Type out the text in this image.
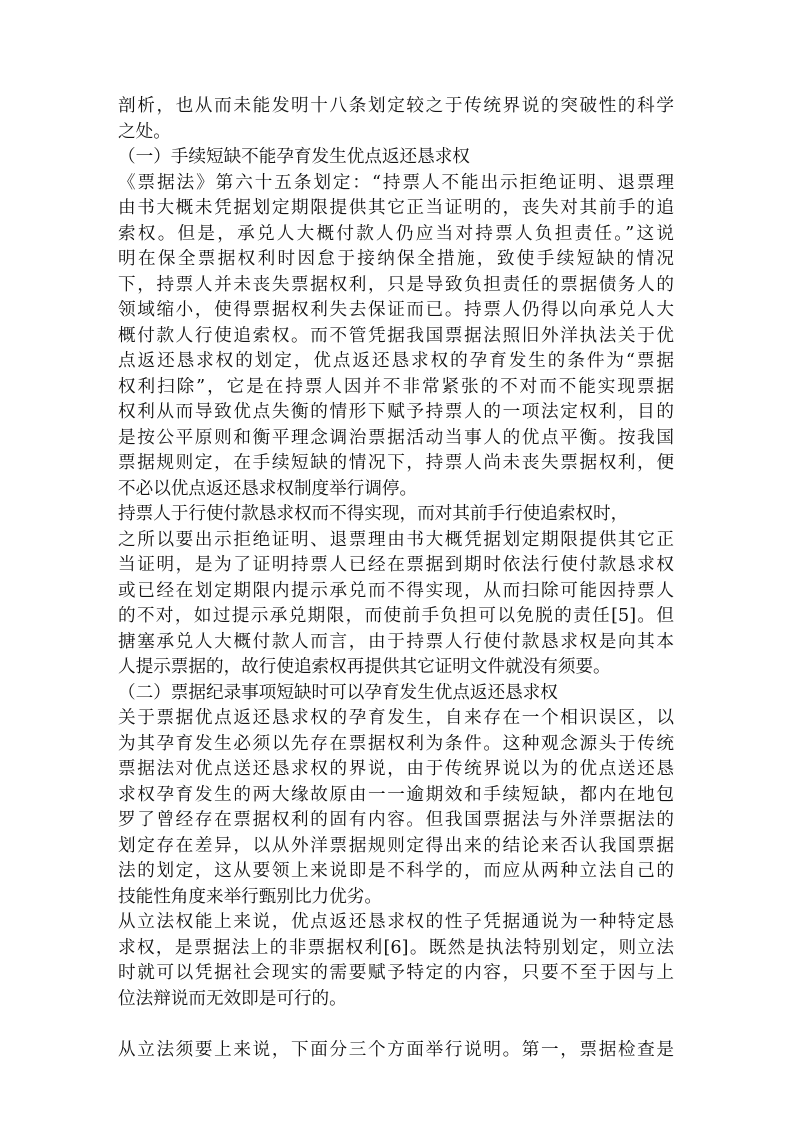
剖析，也从而未能发明十八条划定较之于传统界说的突破性的科学
之处。
（一）手续短缺不能孕育发生优点返还恳求权
《票据法》第六十五条划定：“持票人不能出示拒绝证明、退票理
由书大概未凭据划定期限提供其它正当证明的，丧失对其前手的追
索权。但是，承兑人大概付款人仍应当对持票人负担责任。”这说
明在保全票据权利时因怠于接纳保全措施，致使手续短缺的情况
下，持票人并未丧失票据权利，只是导致负担责任的票据债务人的
领域缩小，使得票据权利失去保证而已。持票人仍得以向承兑人大
概付款人行使追索权。而不管凭据我国票据法照旧外洋执法关于优
点返还恳求权的划定，优点返还恳求权的孕育发生的条件为“票据
权利扫除”，它是在持票人因并不非常紧张的不对而不能实现票据
权利从而导致优点失衡的情形下赋予持票人的一项法定权利，目的
是按公平原则和衡平理念调治票据活动当事人的优点平衡。按我国
票据规则定，在手续短缺的情况下，持票人尚未丧失票据权利，便
不必以优点返还恳求权制度举行调停。
持票人于行使付款恳求权而不得实现，而对其前手行使追索权时，
之所以要出示拒绝证明、退票理由书大概凭据划定期限提供其它正
当证明，是为了证明持票人已经在票据到期时依法行使付款恳求权
或已经在划定期限内提示承兑而不得实现，从而扫除可能因持票人
的不对，如过提示承兑期限，而使前手负担可以免脱的责任[5]。但
搪塞承兑人大概付款人而言，由于持票人行使付款恳求权是向其本
人提示票据的，故行使追索权再提供其它证明文件就没有须要。
（二）票据纪录事项短缺时可以孕育发生优点返还恳求权
关于票据优点返还恳求权的孕育发生，自来存在一个相识误区，以
为其孕育发生必须以先存在票据权利为条件。这种观念源头于传统
票据法对优点送还恳求权的界说，由于传统界说以为的优点送还恳
求权孕育发生的两大缘故原由一一逾期效和手续短缺，都内在地包
罗了曾经存在票据权利的固有内容。但我国票据法与外洋票据法的
划定存在差异，以从外洋票据规则定得出来的结论来否认我国票据
法的划定，这从要领上来说即是不科学的，而应从两种立法自己的
技能性角度来举行甄别比力优劣。
从立法权能上来说，优点返还恳求权的性子凭据通说为一种特定恳
求权，是票据法上的非票据权利[6]。既然是执法特别划定，则立法
时就可以凭据社会现实的需要赋予特定的内容，只要不至于因与上
位法辩说而无效即是可行的。
从立法须要上来说，下面分三个方面举行说明。第一，票据检查是
